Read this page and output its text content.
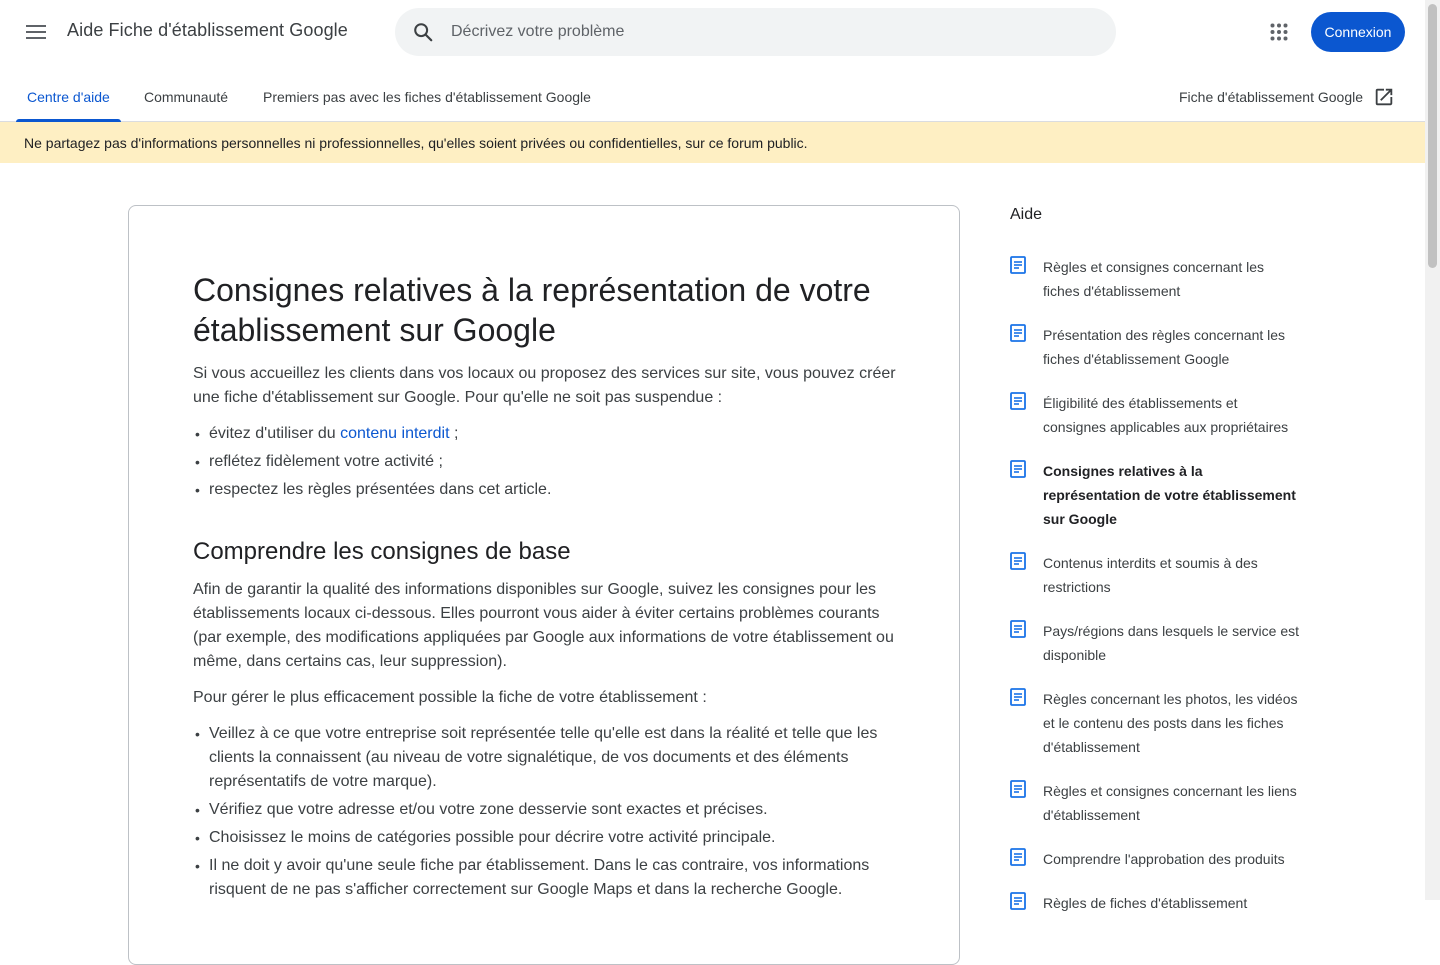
Aide Fiche d'établissement Google
Décrivez votre problème	Connexion
Centre d'aide Communauté Premiers pas avec les fiches d'établissement Google	Fiche d'établissement Google
Ne partagez pas d'informations personnelles ni professionnelles, qu'elles soient privées ou confidentielles, sur ce forum public.
Consignes relatives à la représentation de votre établissement sur Google

Si vous accueillez les clients dans vos locaux ou proposez des services sur site, vous pouvez créer une fiche d'établissement sur Google. Pour qu'elle ne soit pas suspendue :

• évitez d'utiliser du contenu interdit ;
• reflétez fidèlement votre activité ;
• respectez les règles présentées dans cet article.
Comprendre les consignes de base

Afin de garantir la qualité des informations disponibles sur Google, suivez les consignes pour les établissements locaux ci-dessous. Elles pourront vous aider à éviter certains problèmes courants (par exemple, des modifications appliquées par Google aux informations de votre établissement ou même, dans certains cas, leur suppression).

Pour gérer le plus efficacement possible la fiche de votre établissement :

• Veillez à ce que votre entreprise soit représentée telle qu'elle est dans la réalité et telle que les clients la connaissent (au niveau de votre signalétique, de vos documents et des éléments représentatifs de votre marque).
• Vérifiez que votre adresse et/ou votre zone desservie sont exactes et précises.
• Choisissez le moins de catégories possible pour décrire votre activité principale.
• Il ne doit y avoir qu'une seule fiche par établissement. Dans le cas contraire, vos informations risquent de ne pas s'afficher correctement sur Google Maps et dans la recherche Google.
Aide
Règles et consignes concernant les fiches d'établissement
Présentation des règles concernant les fiches d'établissement Google
Éligibilité des établissements et consignes applicables aux propriétaires
Consignes relatives à la représentation de votre établissement sur Google
Contenus interdits et soumis à des restrictions
Pays/régions dans lesquels le service est disponible
Règles concernant les photos, les vidéos et le contenu des posts dans les fiches d'établissement
Règles et consignes concernant les liens d'établissement
Comprendre l'approbation des produits
Règles de fiches d'établissement
